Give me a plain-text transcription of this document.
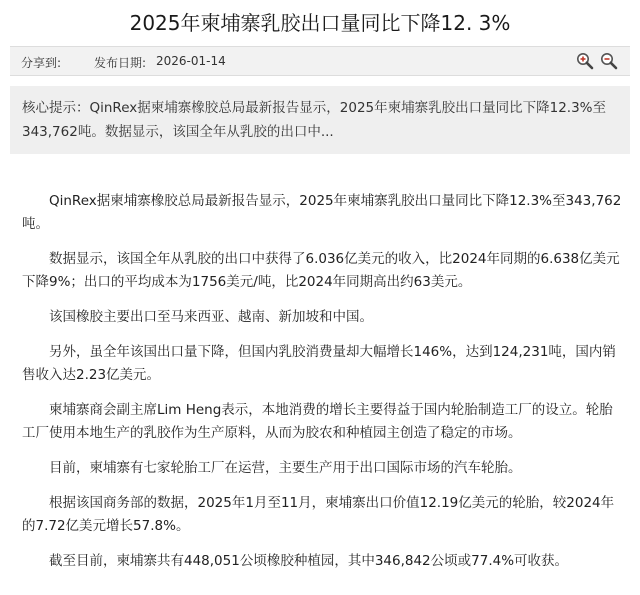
2025年柬埔寨乳胶出口量同比下降12. 3%
分享到:	发布日期: 2026-01-14
核心提示：QinRex据柬埔寨橡胶总局最新报告显示，2025年柬埔寨乳胶出口量同比下降12.3%至343,762吨。数据显示，该国全年从乳胶的出口中...

QinRex据柬埔寨橡胶总局最新报告显示，2025年柬埔寨乳胶出口量同比下降12.3%至343,762吨。

数据显示，该国全年从乳胶的出口中获得了6.036亿美元的收入，比2024年同期的6.638亿美元下降9%；出口的平均成本为1756美元/吨，比2024年同期高出约63美元。

该国橡胶主要出口至马来西亚、越南、新加坡和中国。

另外，虽全年该国出口量下降，但国内乳胶消费量却大幅增长146%，达到124,231吨，国内销售收入达2.23亿美元。

柬埔寨商会副主席Lim Heng表示，本地消费的增长主要得益于国内轮胎制造工厂的设立。轮胎工厂使用本地生产的乳胶作为生产原料，从而为胶农和种植园主创造了稳定的市场。

目前，柬埔寨有七家轮胎工厂在运营，主要生产用于出口国际市场的汽车轮胎。

根据该国商务部的数据，2025年1月至11月，柬埔寨出口价值12.19亿美元的轮胎，较2024年的7.72亿美元增长57.8%。

截至目前，柬埔寨共有448,051公顷橡胶种植园，其中346,842公顷或77.4%可收获。
